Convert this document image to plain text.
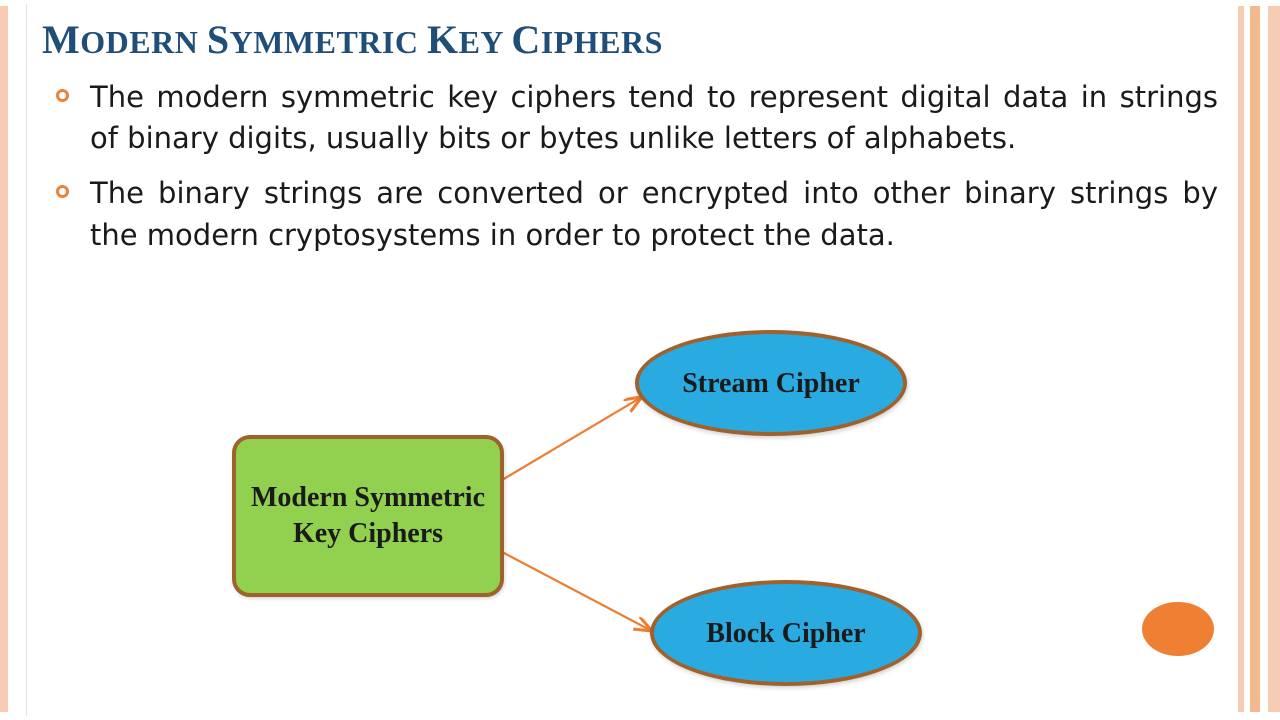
MODERN SYMMETRIC KEY CIPHERS
The modern symmetric key ciphers tend to represent digital data in strings of binary digits, usually bits or bytes unlike letters of alphabets.
The binary strings are converted or encrypted into other binary strings by the modern cryptosystems in order to protect the data.
Modern Symmetric Key Ciphers
Stream Cipher
Block Cipher
